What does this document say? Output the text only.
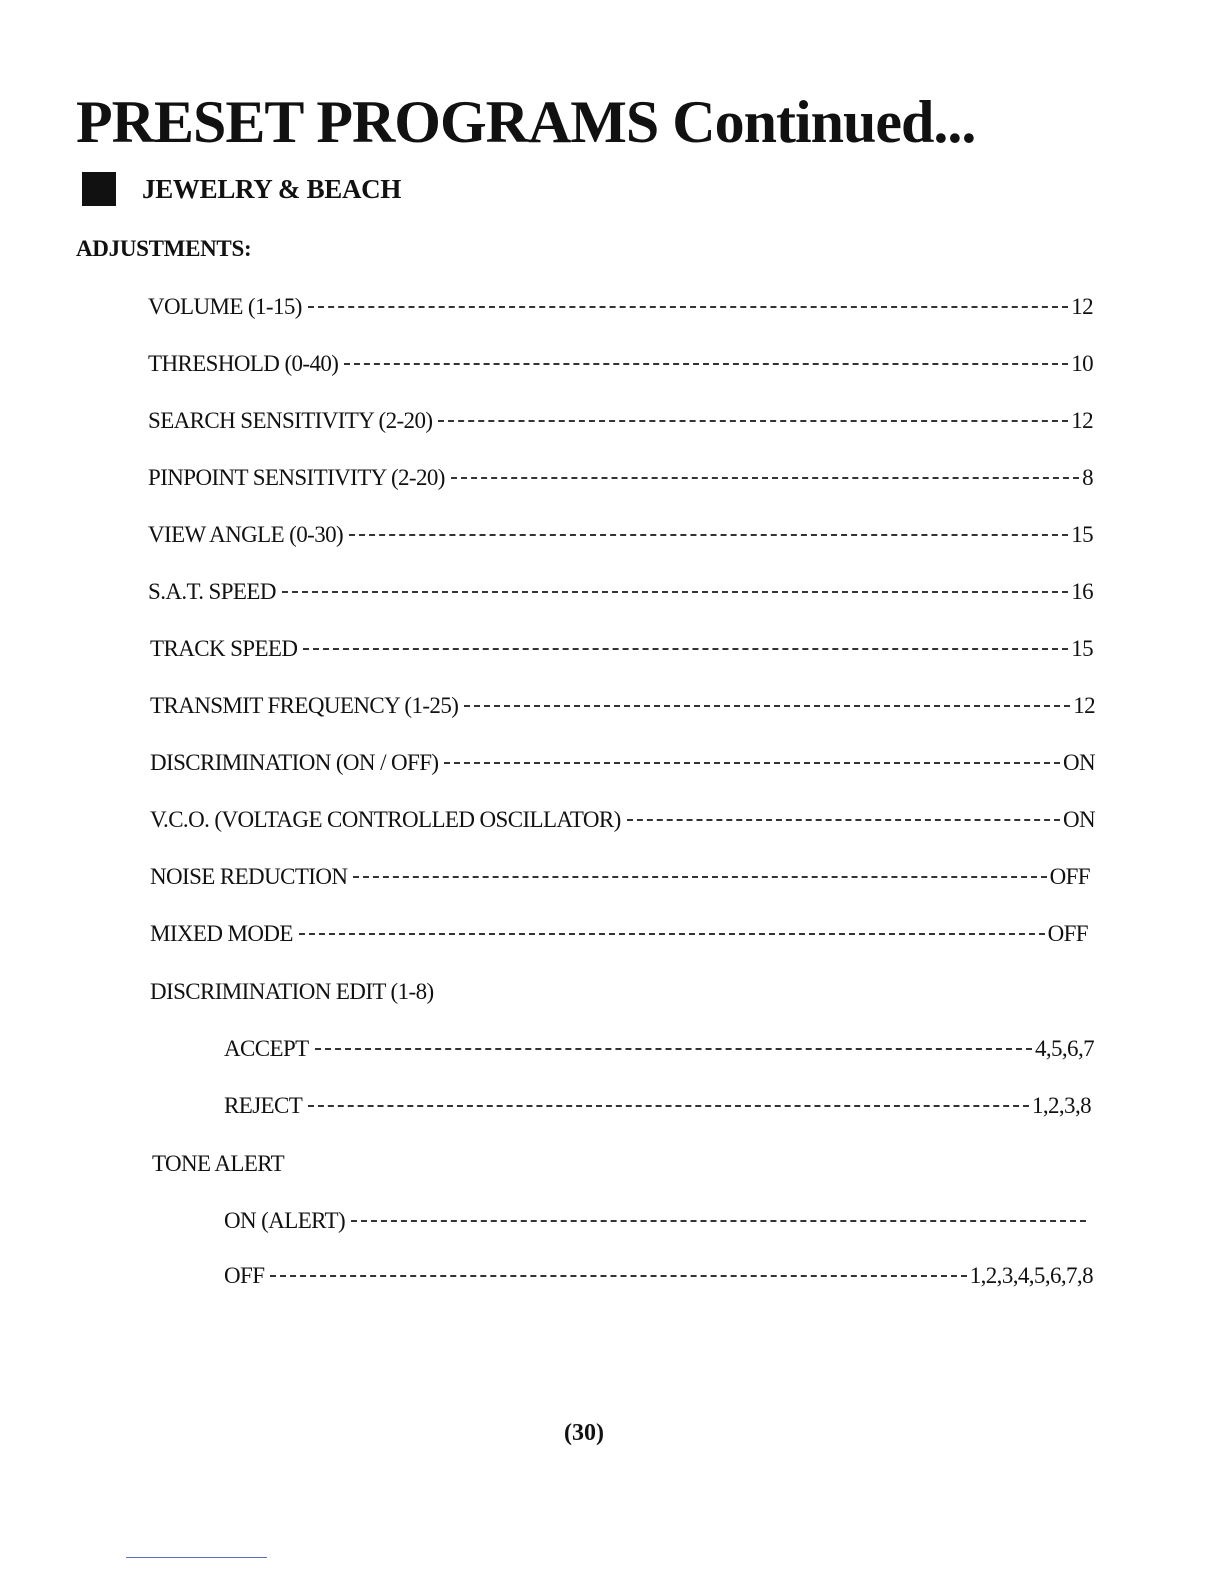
PRESET PROGRAMS Continued...
JEWELRY & BEACH
ADJUSTMENTS:
VOLUME (1-15)	12
THRESHOLD (0-40)	10
SEARCH SENSITIVITY (2-20)	12
PINPOINT SENSITIVITY (2-20)	8
VIEW ANGLE (0-30)	15
S.A.T. SPEED	16
TRACK SPEED	15
TRANSMIT FREQUENCY (1-25)	12
DISCRIMINATION (ON / OFF)	ON
V.C.O. (VOLTAGE CONTROLLED OSCILLATOR)	ON
NOISE REDUCTION	OFF
MIXED MODE	OFF
DISCRIMINATION EDIT (1-8)
ACCEPT	4,5,6,7
REJECT	1,2,3,8
TONE ALERT
ON (ALERT)
OFF	1,2,3,4,5,6,7,8
(30)
